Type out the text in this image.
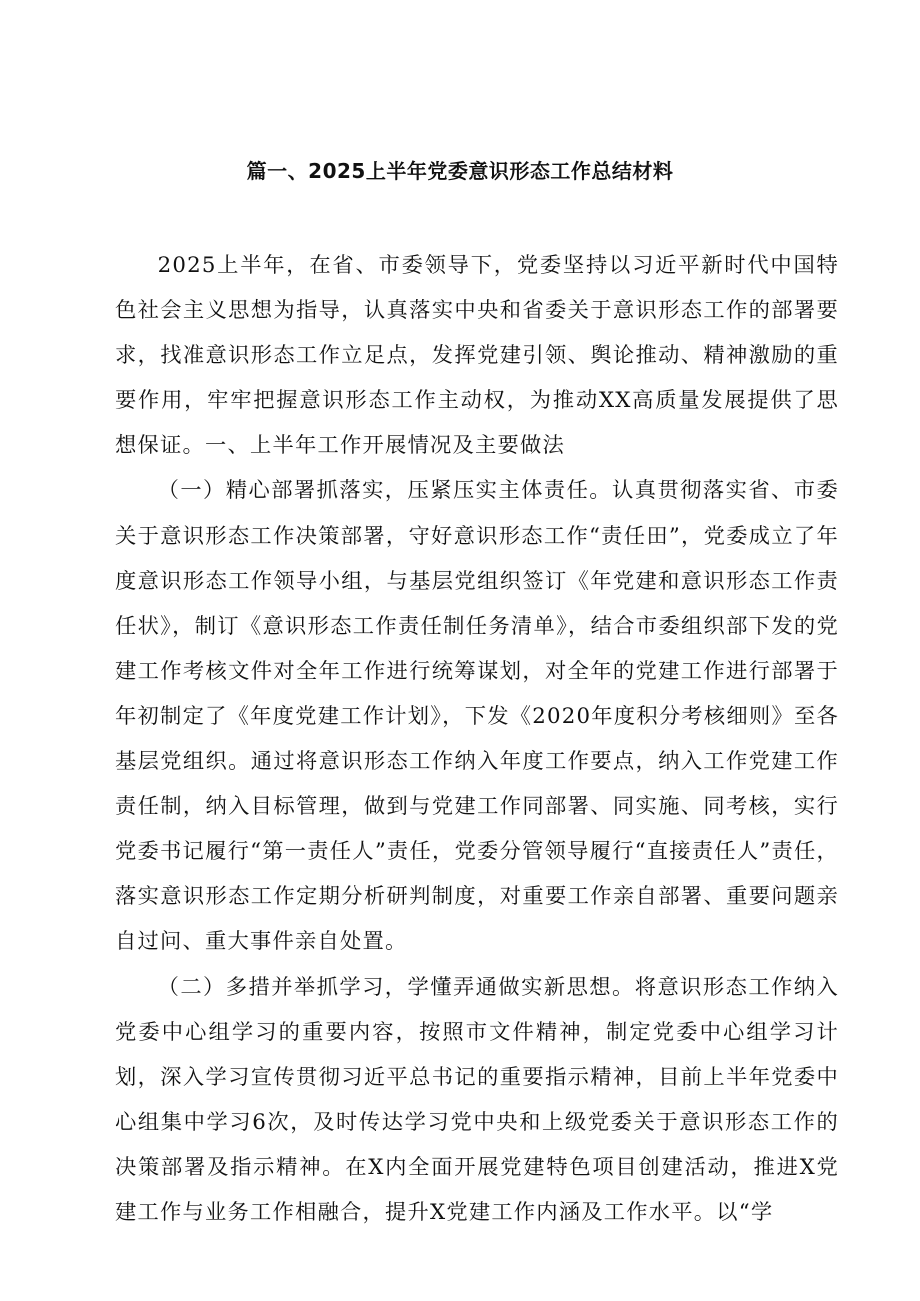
篇一、2025上半年党委意识形态工作总结材料

2025上半年，在省、市委领导下，党委坚持以习近平新时代中国特色社会主义思想为指导，认真落实中央和省委关于意识形态工作的部署要求，找准意识形态工作立足点，发挥党建引领、舆论推动、精神激励的重要作用，牢牢把握意识形态工作主动权，为推动XX高质量发展提供了思想保证。一、上半年工作开展情况及主要做法

（一）精心部署抓落实，压紧压实主体责任。认真贯彻落实省、市委关于意识形态工作决策部署，守好意识形态工作“责任田”，党委成立了年度意识形态工作领导小组，与基层党组织签订《年党建和意识形态工作责任状》，制订《意识形态工作责任制任务清单》，结合市委组织部下发的党建工作考核文件对全年工作进行统筹谋划，对全年的党建工作进行部署于年初制定了《年度党建工作计划》，下发《2020年度积分考核细则》至各基层党组织。通过将意识形态工作纳入年度工作要点，纳入工作党建工作责任制，纳入目标管理，做到与党建工作同部署、同实施、同考核，实行党委书记履行“第一责任人”责任，党委分管领导履行“直接责任人”责任，落实意识形态工作定期分析研判制度，对重要工作亲自部署、重要问题亲自过问、重大事件亲自处置。

（二）多措并举抓学习，学懂弄通做实新思想。将意识形态工作纳入党委中心组学习的重要内容，按照市文件精神，制定党委中心组学习计划，深入学习宣传贯彻习近平总书记的重要指示精神，目前上半年党委中心组集中学习6次，及时传达学习党中央和上级党委关于意识形态工作的决策部署及指示精神。在X内全面开展党建特色项目创建活动，推进X党建工作与业务工作相融合，提升X党建工作内涵及工作水平。以“学
